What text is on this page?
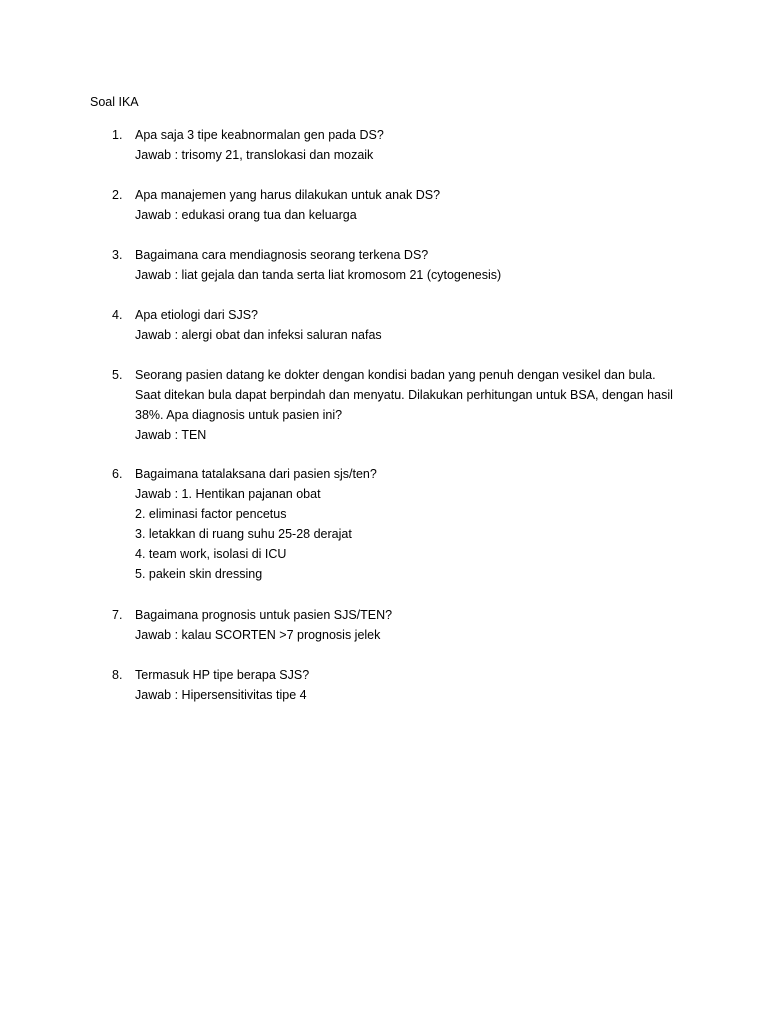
Soal IKA
1.	Apa saja 3 tipe keabnormalan gen pada DS?
Jawab : trisomy 21, translokasi dan mozaik
2.	Apa manajemen yang harus dilakukan untuk anak DS?
Jawab : edukasi orang tua dan keluarga
3.	Bagaimana cara mendiagnosis seorang terkena DS?
Jawab : liat gejala dan tanda serta liat kromosom 21 (cytogenesis)
4.	Apa etiologi dari SJS?
Jawab : alergi obat dan infeksi saluran nafas
5.	Seorang pasien datang ke dokter dengan kondisi badan yang penuh dengan vesikel dan bula.
Saat ditekan bula dapat berpindah dan menyatu. Dilakukan perhitungan untuk BSA, dengan hasil
38%. Apa diagnosis untuk pasien ini?
Jawab : TEN
6.	Bagaimana tatalaksana dari pasien sjs/ten?
Jawab : 1. Hentikan pajanan obat
2. eliminasi factor pencetus
3. letakkan di ruang suhu 25-28 derajat
4. team work, isolasi di ICU
5. pakein skin dressing
7.	Bagaimana prognosis untuk pasien SJS/TEN?
Jawab : kalau SCORTEN >7 prognosis jelek
8.	Termasuk HP tipe berapa SJS?
Jawab : Hipersensitivitas tipe 4
